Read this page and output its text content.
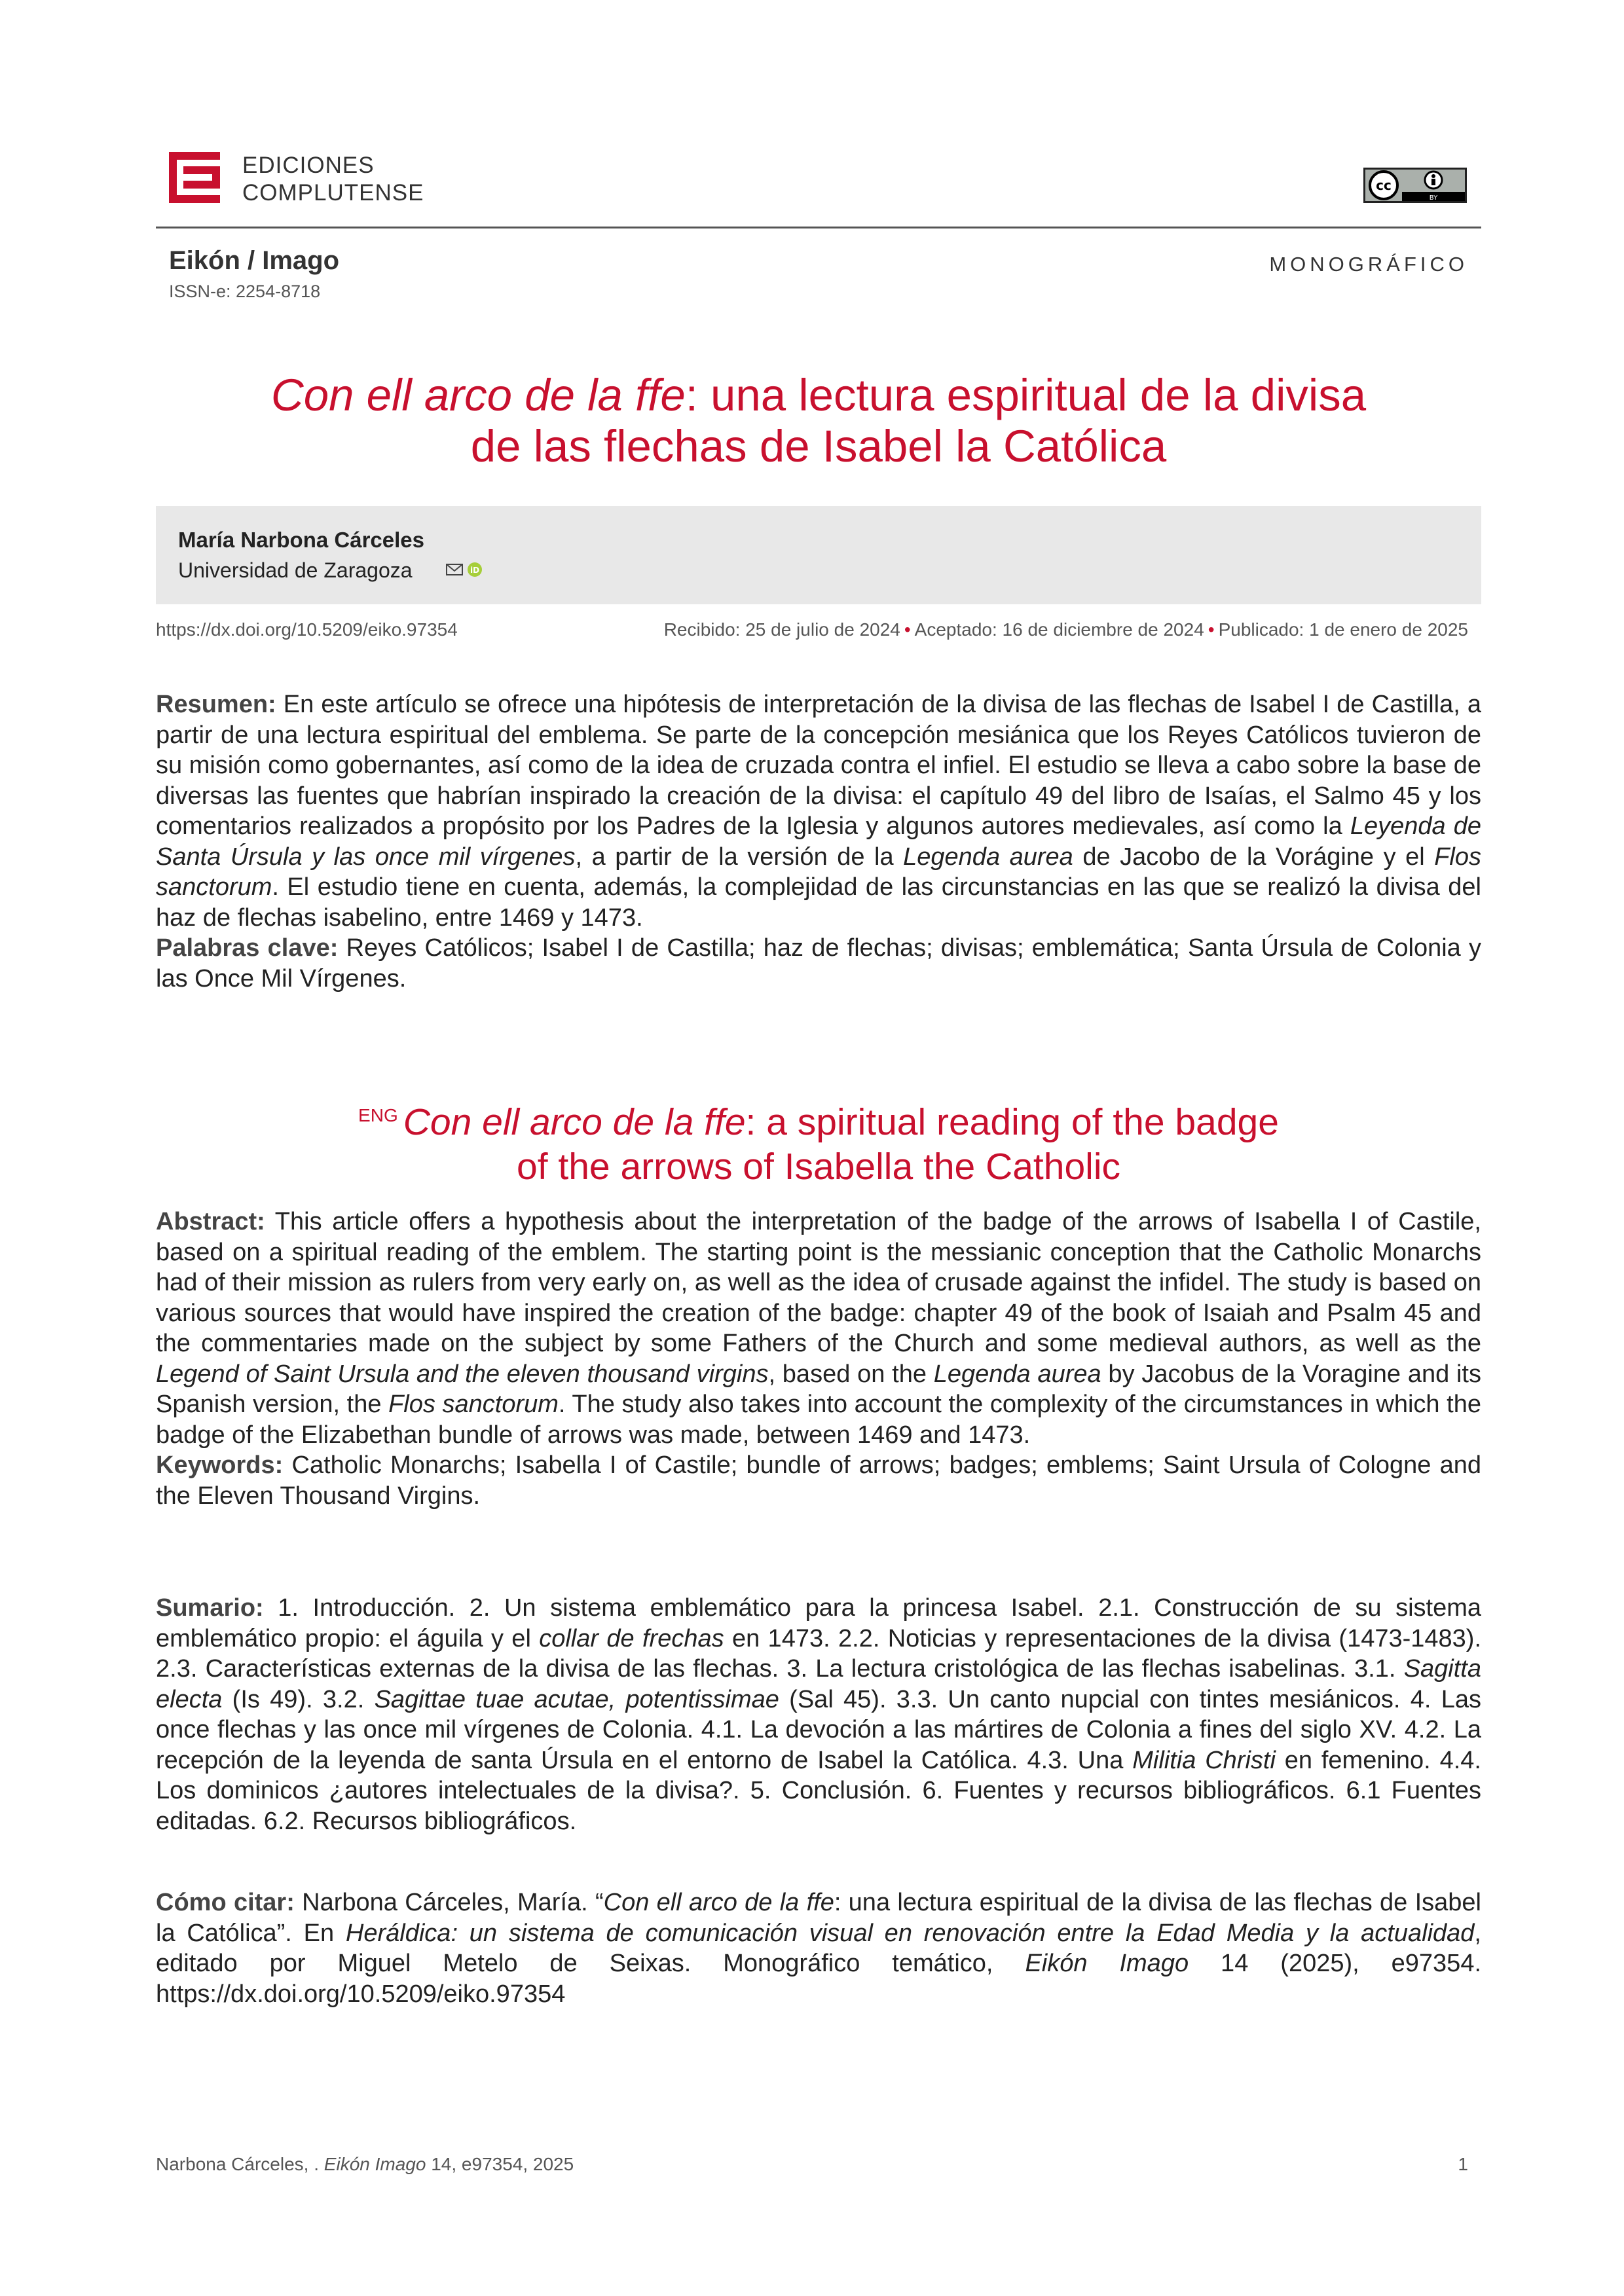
EDICIONES
COMPLUTENSE	cc
BY
Eikón / Imago
ISSN-e: 2254-8718
MONOGRÁFICO
Con ell arco de la ffe: una lectura espiritual de la divisa
de las flechas de Isabel la Católica
María Narbona Cárceles
Universidad de Zaragoza	iD
https://dx.doi.org/10.5209/eiko.97354	Recibido: 25 de julio de 2024 • Aceptado: 16 de diciembre de 2024 • Publicado: 1 de enero de 2025
Resumen: En este artículo se ofrece una hipótesis de interpretación de la divisa de las flechas de Isabel I de Castilla, a partir de una lectura espiritual del emblema. Se parte de la concepción mesiánica que los Reyes Católicos tuvieron de su misión como gobernantes, así como de la idea de cruzada contra el infiel. El estudio se lleva a cabo sobre la base de diversas las fuentes que habrían inspirado la creación de la divisa: el capítulo 49 del libro de Isaías, el Salmo 45 y los comentarios realizados a propósito por los Padres de la Iglesia y algunos autores medievales, así como la Leyenda de Santa Úrsula y las once mil vírgenes, a partir de la versión de la Legenda aurea de Jacobo de la Vorágine y el Flos sanctorum. El estudio tiene en cuenta, además, la complejidad de las circunstancias en las que se realizó la divisa del haz de flechas isabelino, entre 1469 y 1473.
Palabras clave: Reyes Católicos; Isabel I de Castilla; haz de flechas; divisas; emblemática; Santa Úrsula de Colonia y las Once Mil Vírgenes.
$^{ENG}$ Con ell arco de la ffe: a spiritual reading of the badge
of the arrows of Isabella the Catholic
Abstract: This article offers a hypothesis about the interpretation of the badge of the arrows of Isabella I of Castile, based on a spiritual reading of the emblem. The starting point is the messianic conception that the Catholic Monarchs had of their mission as rulers from very early on, as well as the idea of crusade against the infidel. The study is based on various sources that would have inspired the creation of the badge: chapter 49 of the book of Isaiah and Psalm 45 and the commentaries made on the subject by some Fathers of the Church and some medieval authors, as well as the Legend of Saint Ursula and the eleven thousand virgins, based on the Legenda aurea by Jacobus de la Voragine and its Spanish version, the Flos sanctorum. The study also takes into account the complexity of the circumstances in which the badge of the Elizabethan bundle of arrows was made, between 1469 and 1473.
Keywords: Catholic Monarchs; Isabella I of Castile; bundle of arrows; badges; emblems; Saint Ursula of Cologne and the Eleven Thousand Virgins.
Sumario: 1. Introducción. 2. Un sistema emblemático para la princesa Isabel. 2.1. Construcción de su sistema emblemático propio: el águila y el collar de frechas en 1473. 2.2. Noticias y representaciones de la divisa (1473-1483). 2.3. Características externas de la divisa de las flechas. 3. La lectura cristológica de las flechas isabelinas. 3.1. Sagitta electa (Is 49). 3.2. Sagittae tuae acutae, potentissimae (Sal 45). 3.3. Un canto nupcial con tintes mesiánicos. 4. Las once flechas y las once mil vírgenes de Colonia. 4.1. La devoción a las mártires de Colonia a fines del siglo XV. 4.2. La recepción de la leyenda de santa Úrsula en el entorno de Isabel la Católica. 4.3. Una Militia Christi en femenino. 4.4. Los dominicos ¿autores intelectuales de la divisa?. 5. Conclusión. 6. Fuentes y recursos bibliográficos. 6.1 Fuentes editadas. 6.2. Recursos bibliográficos.
Cómo citar: Narbona Cárceles, María. “Con ell arco de la ffe: una lectura espiritual de la divisa de las flechas de Isabel la Católica”. En Heráldica: un sistema de comunicación visual en renovación entre la Edad Media y la actualidad, editado por Miguel Metelo de Seixas. Monográfico temático, Eikón Imago 14 (2025), e97354. https://dx.doi.org/10.5209/eiko.97354
Narbona Cárceles, . Eikón Imago 14, e97354, 2025	1
